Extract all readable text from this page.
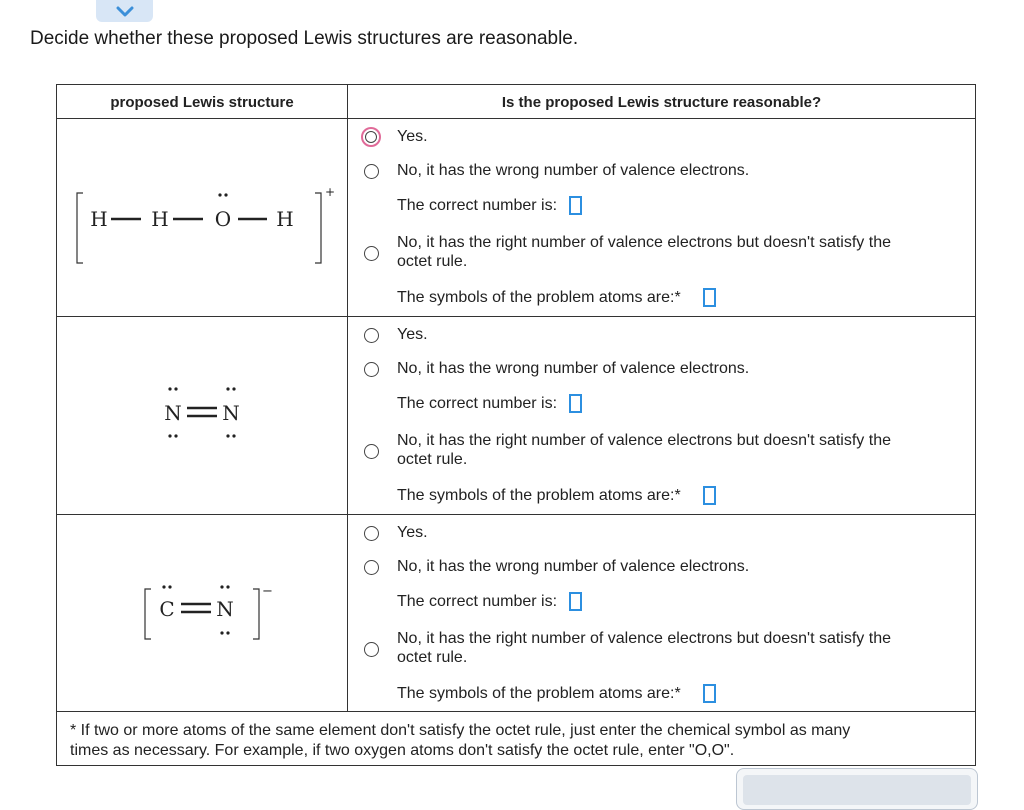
Decide whether these proposed Lewis structures are reasonable.
proposed Lewis structure	Is the proposed Lewis structure reasonable?
+
H H O H
Yes.
No, it has the wrong number of valence electrons.
The correct number is:
No, it has the right number of valence electrons but doesn't satisfy the
octet rule.
The symbols of the problem atoms are:*
N N
Yes.
No, it has the wrong number of valence electrons.
The correct number is:
No, it has the right number of valence electrons but doesn't satisfy the
octet rule.
The symbols of the problem atoms are:*
−
C N
Yes.
No, it has the wrong number of valence electrons.
The correct number is:
No, it has the right number of valence electrons but doesn't satisfy the
octet rule.
The symbols of the problem atoms are:*
* If two or more atoms of the same element don't satisfy the octet rule, just enter the chemical symbol as many
times as necessary. For example, if two oxygen atoms don't satisfy the octet rule, enter "O,O".
